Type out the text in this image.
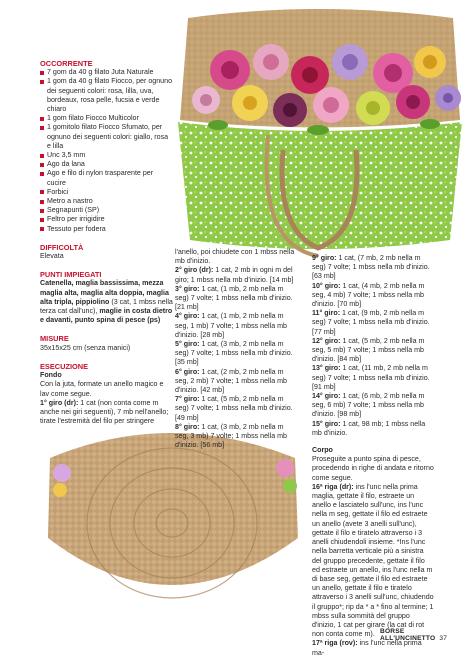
OCCORRENTE
7 gom da 40 g filato Juta Naturale
1 gom da 40 g filato Fiocco, per ognuno dei seguenti colori: rosa, lilla, uva, bordeaux, rosa pelle, fucsia e verde chiaro
1 gom filato Fiocco Multicolor
1 gomitolo filato Fiocco Sfumato, per ognuno dei seguenti colori: giallo, rosa e lilla
Unc 3,5 mm
Ago da lana
Ago e filo di nylon trasparente per cucire
Forbici
Metro a nastro
Segnapunti (SP)
Feltro per irrigidire
Tessuto per fodera
DIFFICOLTÀ
Elevata
PUNTI IMPIEGATI
Catenella, maglia bassissima, mezza maglia alta, maglia alta doppia, maglia alta tripla, pippiolino (3 cat, 1 mbss nella terza cat dall'unc), maglie in costa dietro e davanti, punto spina di pesce (ps)
MISURE
35x15x25 cm (senza manici)
ESECUZIONE
Fondo
Con la juta, formate un anello magico e lav come segue.
1° giro (dr): 1 cat (non conta come m anche nei giri seguenti), 7 mb nell'anello; tirate l'estremità del filo per stringere
l'anello, poi chiudete con 1 mbss nella mb d'inizio.
2° giro (dr): 1 cat, 2 mb in ogni m del giro; 1 mbss nella mb d'inizio. [14 mb]
3° giro: 1 cat, (1 mb, 2 mb nella m seg) 7 volte; 1 mbss nella mb d'inizio. [21 mb]
4° giro: 1 cat, (1 mb, 2 mb nella m seg, 1 mb) 7 volte; 1 mbss nella mb d'inizio. [28 mb]
5° giro: 1 cat, (3 mb, 2 mb nella m seg) 7 volte; 1 mbss nella mb d'inizio. [35 mb]
6° giro: 1 cat, (2 mb, 2 mb nella m seg, 2 mb) 7 volte; 1 mbss nella mb d'inizio. [42 mb]
7° giro: 1 cat, (5 mb, 2 mb nella m seg) 7 volte; 1 mbss nella mb d'inizio. [49 mb]
8° giro: 1 cat, (3 mb, 2 mb nella m seg, 3 mb) 7 volte; 1 mbss nella mb d'inizio. [56 mb]
9° giro: 1 cat, (7 mb, 2 mb nella m seg) 7 volte; 1 mbss nella mb d'inizio. [63 mb]
10° giro: 1 cat, (4 mb, 2 mb nella m seg, 4 mb) 7 volte; 1 mbss nella mb d'inizio. [70 mb]
11° giro: 1 cat, (9 mb, 2 mb nella m seg) 7 volte; 1 mbss nella mb d'inizio. [77 mb]
12° giro: 1 cat, (5 mb, 2 mb nella m seg, 5 mb) 7 volte; 1 mbss nella mb d'inizio. [84 mb]
13° giro: 1 cat, (11 mb, 2 mb nella m seg) 7 volte; 1 mbss nella mb d'inizio. [91 mb]
14° giro: 1 cat, (6 mb, 2 mb nella m seg, 6 mb) 7 volte; 1 mbss nella mb d'inizio. [98 mb]
15° giro: 1 cat, 98 mb; 1 mbss nella mb d'inizio.
Corpo
Proseguite a punto spina di pesce, procedendo in righe di andata e ritorno come segue.
16ª riga (dr): ins l'unc nella prima maglia, gettate il filo, estraete un anello e lasciatelo sull'unc, ins l'unc nella m seg, gettate il filo ed estraete un anello (avete 3 anelli sull'unc), gettate il filo e tiratelo attraverso i 3 anelli chiudendoli insieme. *Ins l'unc nella barretta verticale più a sinistra del gruppo precedente, gettate il filo ed estraete un anello, ins l'unc nella m di base seg, gettate il filo ed estraete un anello, gettate il filo e tiratelo attraverso i 3 anelli sull'unc, chiudendo il gruppo*; rip da * a * fino al termine; 1 mbss sulla sommità del gruppo d'inizio, 1 cat per girare (la cat di rot non conta come m).
17ª riga (rov): ins l'unc nella prima ma-
BORSE ALL'UNCINETTO 37
